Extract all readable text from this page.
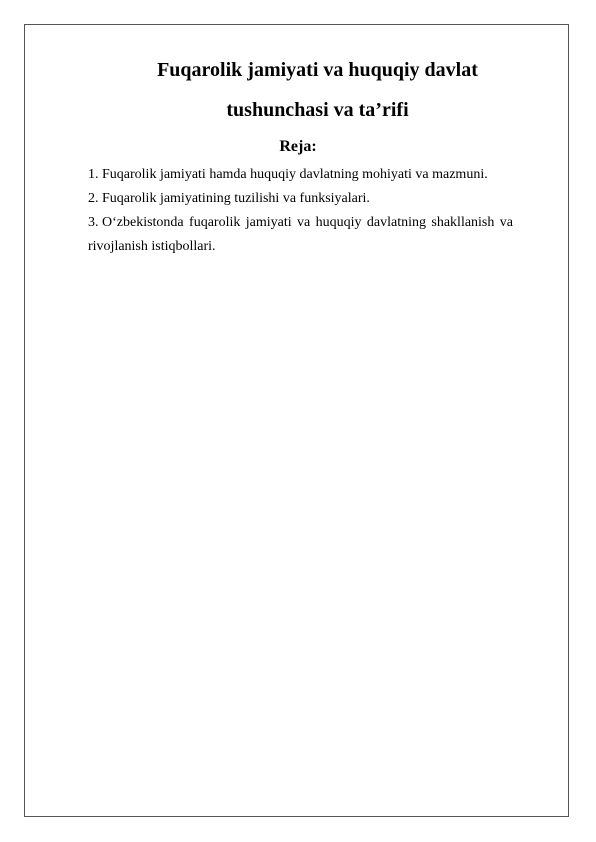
Fuqarolik jamiyati va huquqiy davlat
tushunchasi va ta’rifi
Reja:
1. Fuqarolik jamiyati hamda huquqiy davlatning mohiyati va mazmuni.
2. Fuqarolik jamiyatining tuzilishi va funksiyalari.
3. O‘zbekistonda fuqarolik jamiyati va huquqiy davlatning shakllanish va rivojlanish istiqbollari.
